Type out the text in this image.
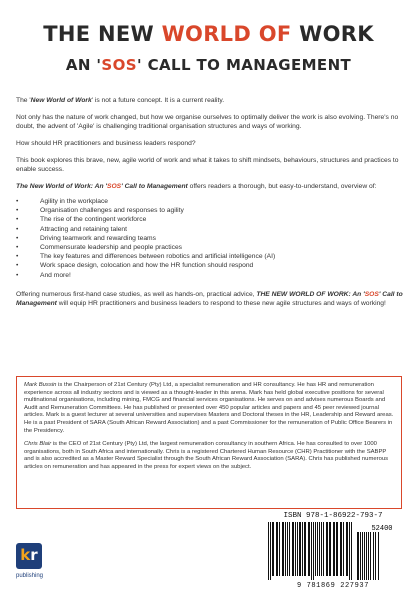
THE NEW WORLD OF WORK
AN 'SOS' CALL TO MANAGEMENT

The 'New World of Work' is not a future concept. It is a current reality.

Not only has the nature of work changed, but how we organise ourselves to optimally deliver the work is also evolving. There's no doubt, the advent of 'Agile' is challenging traditional organisation structures and ways of working.

How should HR practitioners and business leaders respond?

This book explores this brave, new, agile world of work and what it takes to shift mindsets, behaviours, structures and practices to enable success.

The New World of Work: An 'SOS' Call to Management offers readers a thorough, but easy-to-understand, overview of:

• Agility in the workplace
• Organisation challenges and responses to agility
• The rise of the contingent workforce
• Attracting and retaining talent
• Driving teamwork and rewarding teams
• Commensurate leadership and people practices
• The key features and differences between robotics and artificial intelligence (AI)
• Work space design, colocation and how the HR function should respond
• And more!

Offering numerous first-hand case studies, as well as hands-on, practical advice, THE NEW WORLD OF WORK: An 'SOS' Call to Management will equip HR practitioners and business leaders to respond to these new agile structures and ways of working!

Mark Bussin is the Chairperson of 21st Century (Pty) Ltd, a specialist remuneration and HR consultancy. He has HR and remuneration experience across all industry sectors and is viewed as a thought-leader in this arena. Mark has held global executive positions for several multinational organisations, including mining, FMCG and financial services organisations. He serves on and advises numerous Boards and Audit and Remuneration Committees. He has published or presented over 450 popular articles and papers and 45 peer reviewed journal articles. Mark is a guest lecturer at several universities and supervises Masters and Doctoral theses in the HR, Leadership and Reward areas. He is a past President of SARA (South African Reward Association) and a past Commissioner for the remuneration of Public Office Bearers in the Presidency.

Chris Blair is the CEO of 21st Century (Pty) Ltd, the largest remuneration consultancy in southern Africa. He has consulted to over 1000 organisations, both in South Africa and internationally. Chris is a registered Chartered Human Resource (CHR) Practitioner with the SABPP and is also accredited as a Master Reward Specialist through the South African Reward Association (SARA). Chris has published numerous articles on remuneration and has appeared in the press for expert views on the subject.

kr
publishing
ISBN 978-1-86922-793-7
52400
9 781869 227937
